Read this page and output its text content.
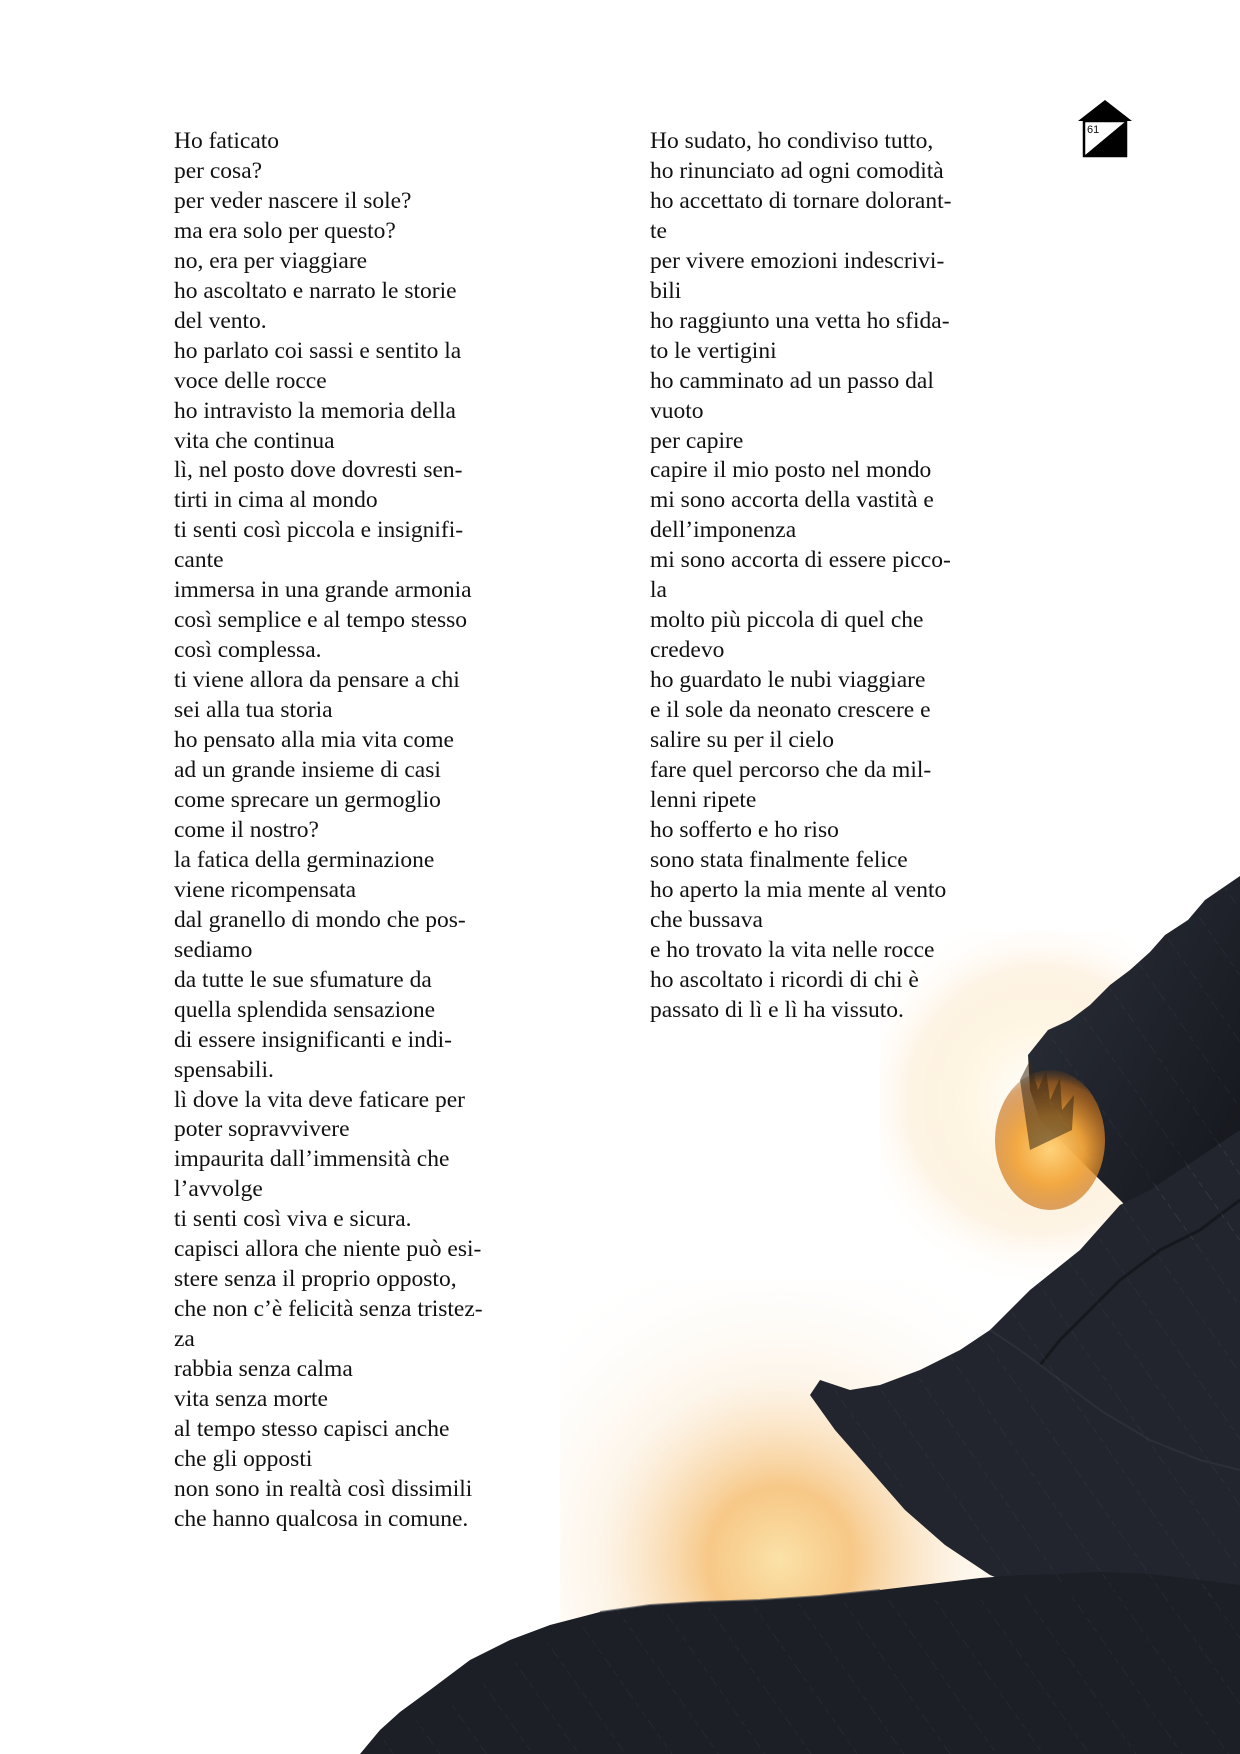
Ho faticato
per cosa?
per veder nascere il sole?
ma era solo per questo?
no, era per viaggiare
ho ascoltato e narrato le storie
del vento.
ho parlato coi sassi e sentito la
voce delle rocce
ho intravisto la memoria della
vita che continua
lì, nel posto dove dovresti sen-
tirti in cima al mondo
ti senti così piccola e insignifi-
cante
immersa in una grande armonia
così semplice e al tempo stesso
così complessa.
ti viene allora da pensare a chi
sei alla tua storia
ho pensato alla mia vita come
ad un grande insieme di casi
come sprecare un germoglio
come il nostro?
la fatica della germinazione
viene ricompensata
dal granello di mondo che pos-
sediamo
da tutte le sue sfumature da
quella splendida sensazione
di essere insignificanti e indi-
spensabili.
lì dove la vita deve faticare per
poter sopravvivere
impaurita dall’immensità che
l’avvolge
ti senti così viva e sicura.
capisci allora che niente può esi-
stere senza il proprio opposto,
che non c’è felicità senza tristez-
za
rabbia senza calma
vita senza morte
al tempo stesso capisci anche
che gli opposti
non sono in realtà così dissimili
che hanno qualcosa in comune.
Ho sudato, ho condiviso tutto,
ho rinunciato ad ogni comodità
ho accettato di tornare dolorant-
te
per vivere emozioni indescrivi-
bili
ho raggiunto una vetta ho sfida-
to le vertigini
ho camminato ad un passo dal
vuoto
per capire
capire il mio posto nel mondo
mi sono accorta della vastità e
dell’imponenza
mi sono accorta di essere picco-
la
molto più piccola di quel che
credevo
ho guardato le nubi viaggiare
e il sole da neonato crescere e
salire su per il cielo
fare quel percorso che da mil-
lenni ripete
ho sofferto e ho riso
sono stata finalmente felice
ho aperto la mia mente al vento
che bussava
e ho trovato la vita nelle rocce
ho ascoltato i ricordi di chi è
passato di lì e lì ha vissuto.
61
